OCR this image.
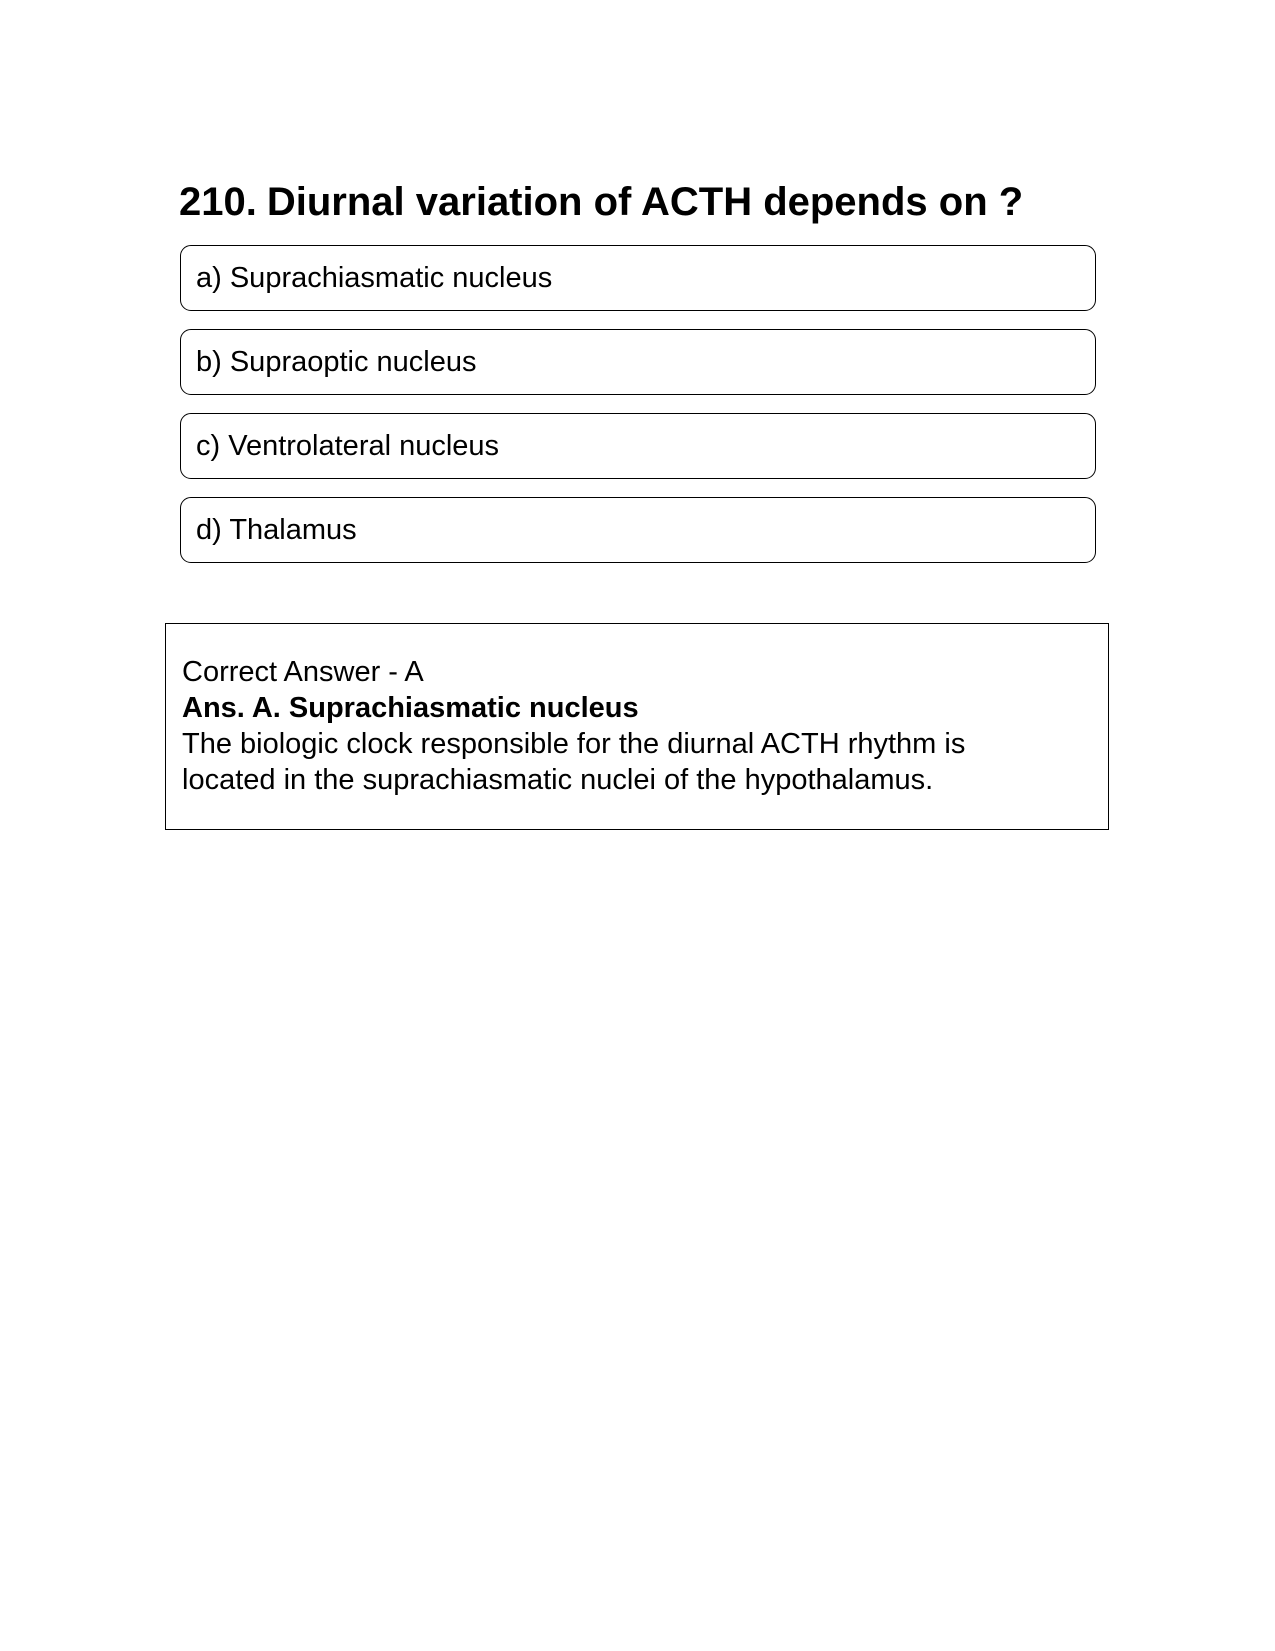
210. Diurnal variation of ACTH depends on ?
a) Suprachiasmatic nucleus
b) Supraoptic nucleus
c) Ventrolateral nucleus
d) Thalamus
Correct Answer - A
Ans. A. Suprachiasmatic nucleus
The biologic clock responsible for the diurnal ACTH rhythm is
located in the suprachiasmatic nuclei of the hypothalamus.
